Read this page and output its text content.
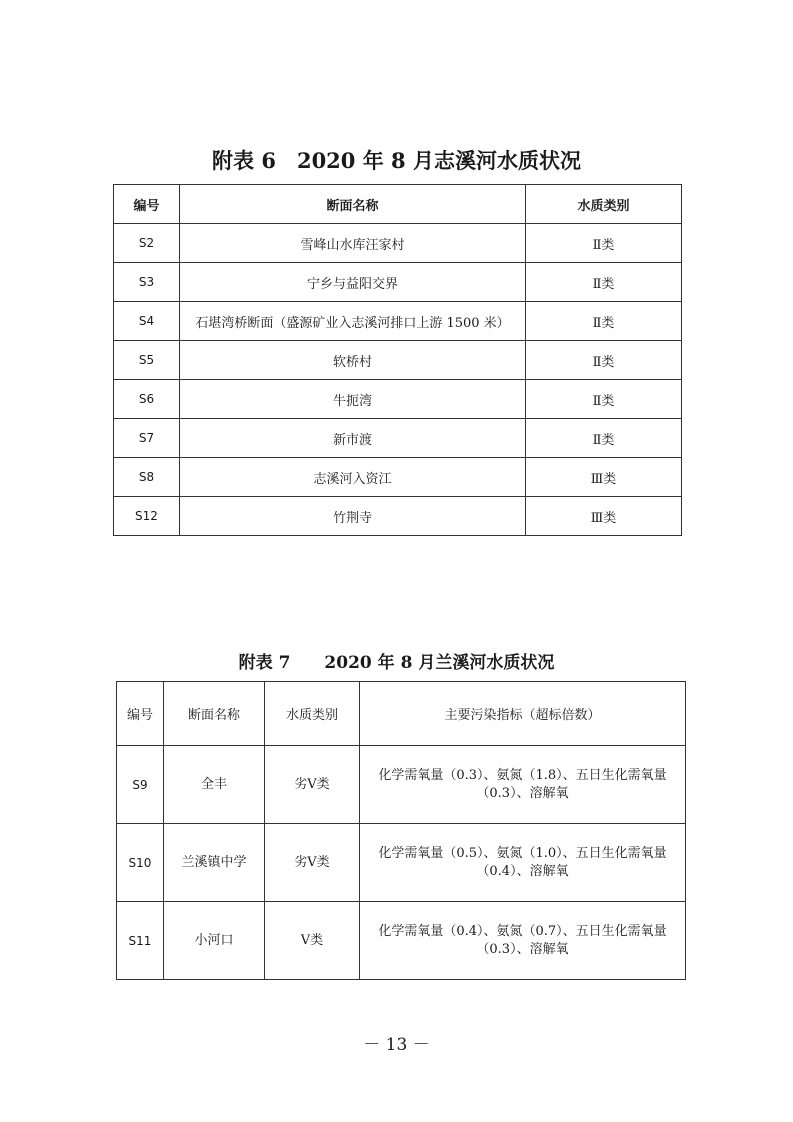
附表 6　2020 年 8 月志溪河水质状况
编号	断面名称	水质类别
S2	雪峰山水库汪家村	Ⅱ类
S3	宁乡与益阳交界	Ⅱ类
S4	石堪湾桥断面（盛源矿业入志溪河排口上游 1500 米）	Ⅱ类
S5	软桥村	Ⅱ类
S6	牛扼湾	Ⅱ类
S7	新市渡	Ⅱ类
S8	志溪河入资江	Ⅲ类
S12	竹荆寺	Ⅲ类
附表 7　　2020 年 8 月兰溪河水质状况
编号	断面名称	水质类别	主要污染指标（超标倍数）
S9	全丰	劣Ⅴ类	化学需氧量（0.3）、氨氮（1.8）、五日生化需氧量（0.3）、溶解氧
S10	兰溪镇中学	劣Ⅴ类	化学需氧量（0.5）、氨氮（1.0）、五日生化需氧量（0.4）、溶解氧
S11	小河口	Ⅴ类	化学需氧量（0.4）、氨氮（0.7）、五日生化需氧量（0.3）、溶解氧
－ 13 －
